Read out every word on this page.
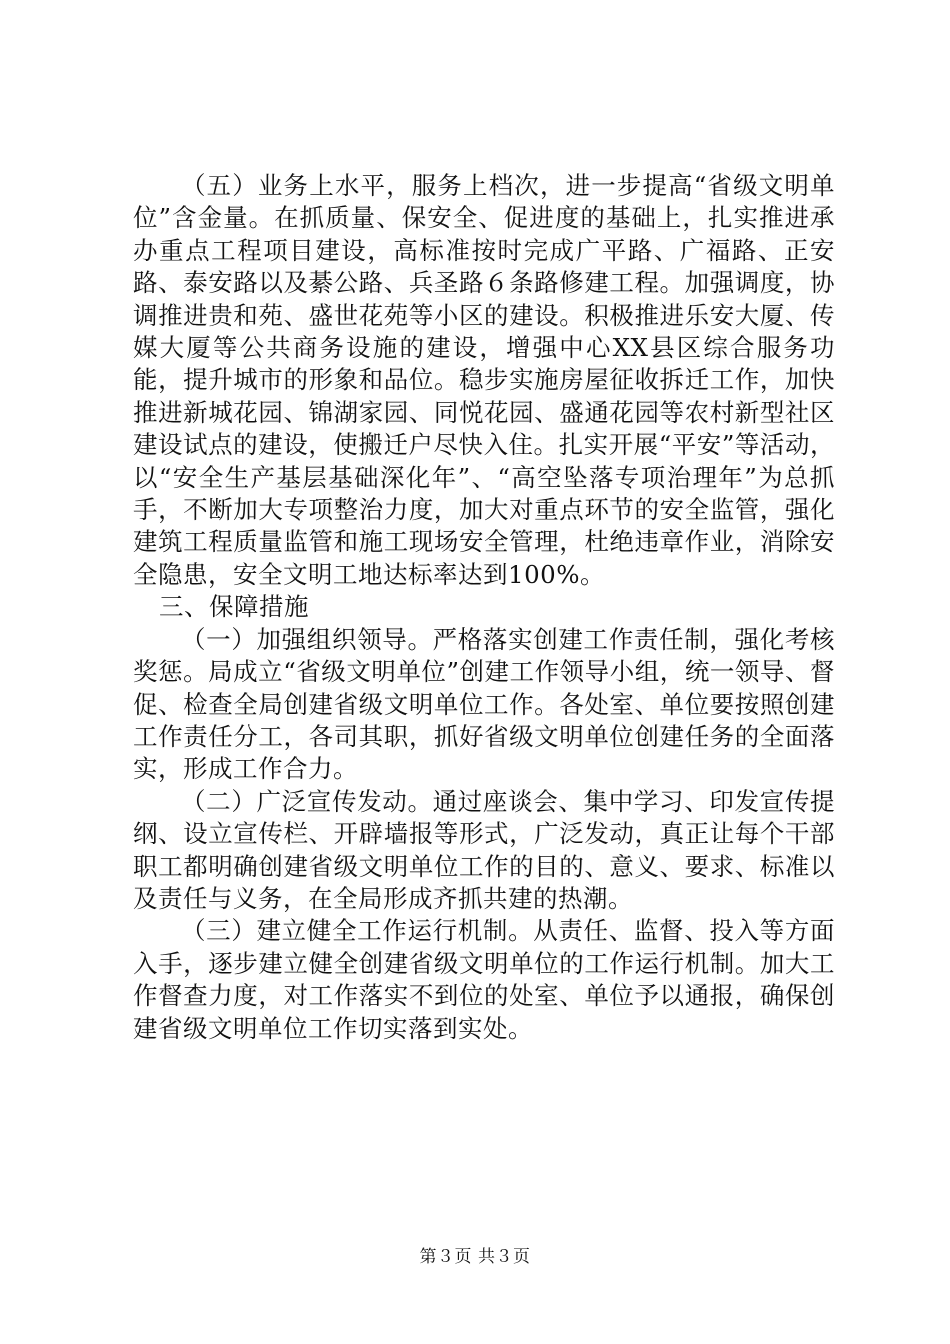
（五）业务上水平，服务上档次，进一步提高“省级文明单位”含金量。在抓质量、保安全、促进度的基础上，扎实推进承办重点工程项目建设，高标准按时完成广平路、广福路、正安路、泰安路以及綦公路、兵圣路６条路修建工程。加强调度，协调推进贵和苑、盛世花苑等小区的建设。积极推进乐安大厦、传媒大厦等公共商务设施的建设，增强中心XX县区综合服务功能，提升城市的形象和品位。稳步实施房屋征收拆迁工作，加快推进新城花园、锦湖家园、同悦花园、盛通花园等农村新型社区建设试点的建设，使搬迁户尽快入住。扎实开展“平安”等活动，以“安全生产基层基础深化年”、“高空坠落专项治理年”为总抓手，不断加大专项整治力度，加大对重点环节的安全监管，强化建筑工程质量监管和施工现场安全管理，杜绝违章作业，消除安全隐患，安全文明工地达标率达到100%。

三、保障措施

（一）加强组织领导。严格落实创建工作责任制，强化考核奖惩。局成立“省级文明单位”创建工作领导小组，统一领导、督促、检查全局创建省级文明单位工作。各处室、单位要按照创建工作责任分工，各司其职，抓好省级文明单位创建任务的全面落实，形成工作合力。

（二）广泛宣传发动。通过座谈会、集中学习、印发宣传提纲、设立宣传栏、开辟墙报等形式，广泛发动，真正让每个干部职工都明确创建省级文明单位工作的目的、意义、要求、标准以及责任与义务，在全局形成齐抓共建的热潮。

（三）建立健全工作运行机制。从责任、监督、投入等方面入手，逐步建立健全创建省级文明单位的工作运行机制。加大工作督查力度，对工作落实不到位的处室、单位予以通报，确保创建省级文明单位工作切实落到实处。

第３页 共３页
